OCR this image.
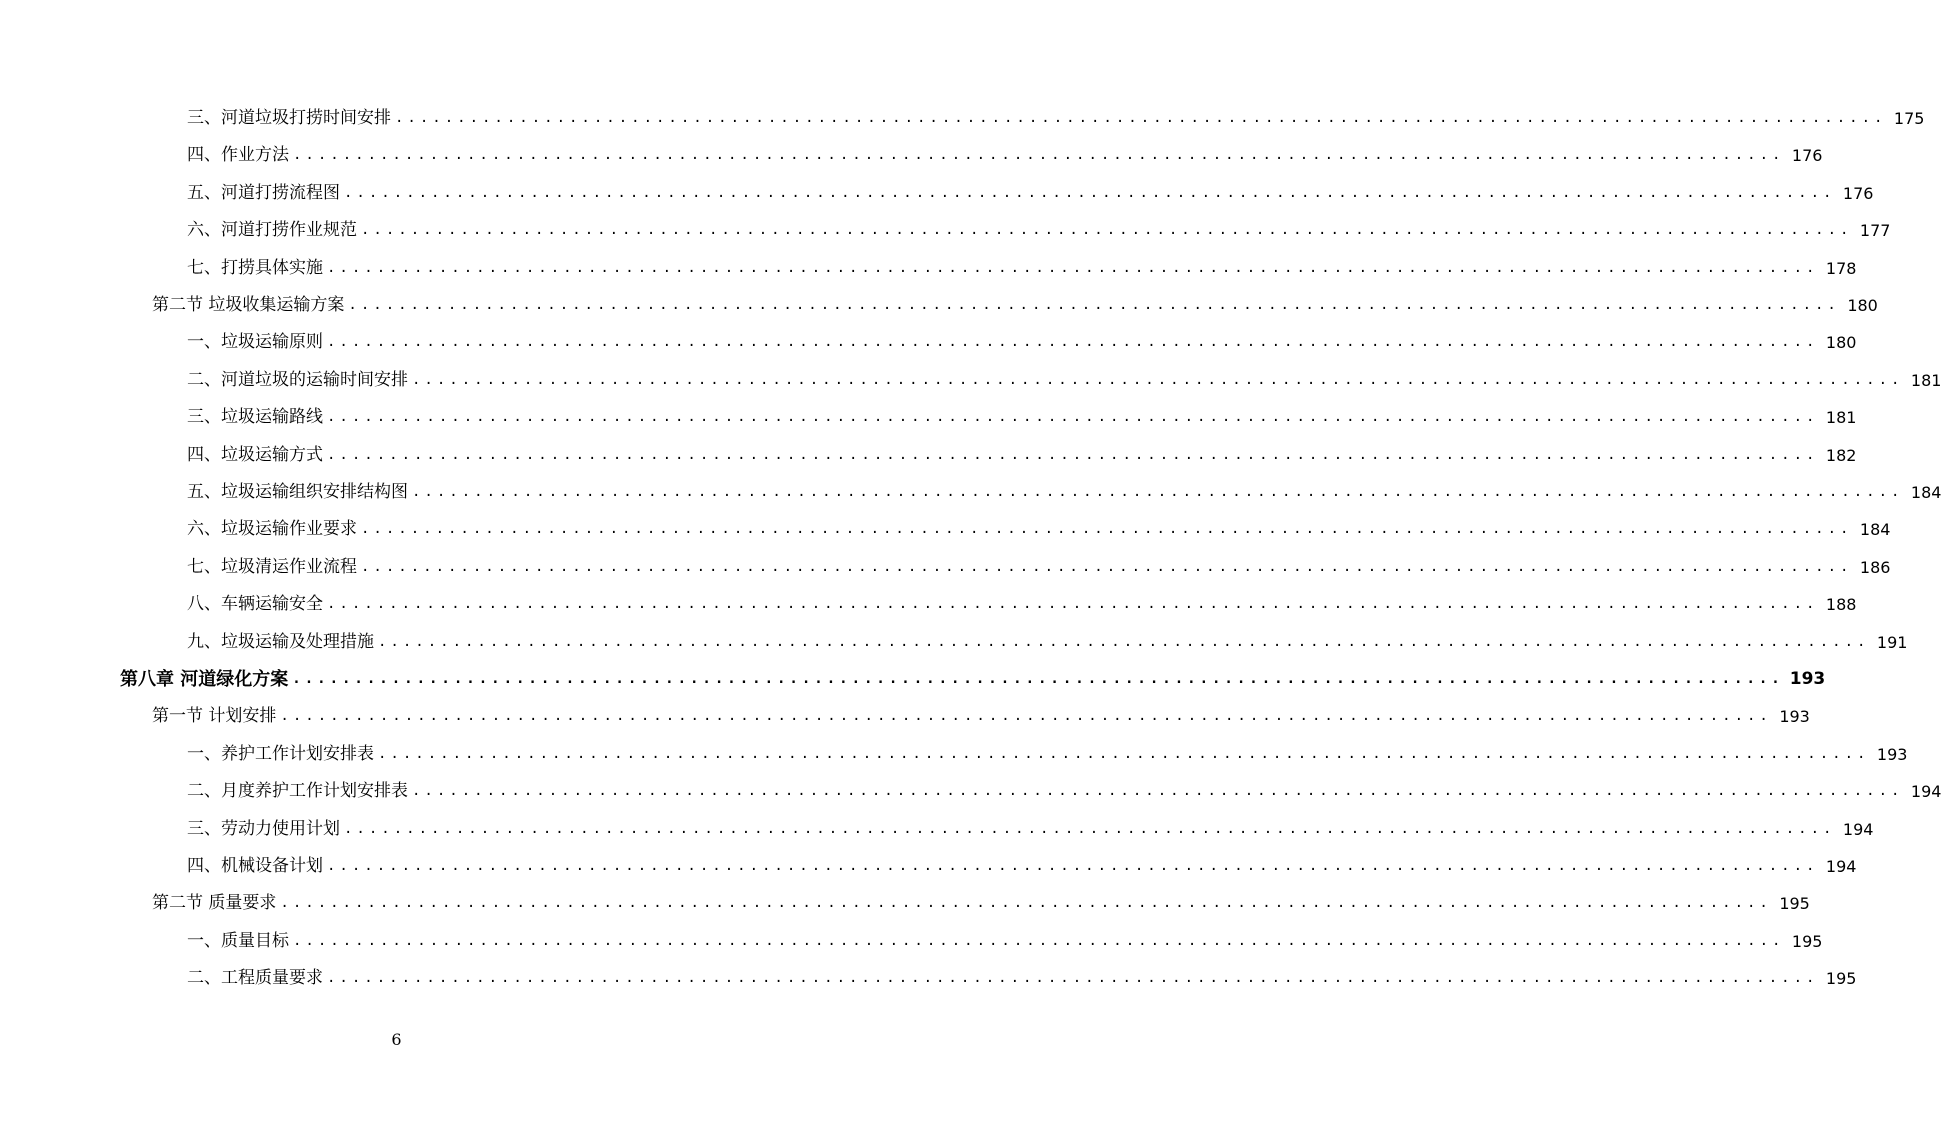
三、河道垃圾打捞时间安排 ........................................................................................................................ 175
四、作业方法 ........................................................................................................................ 176
五、河道打捞流程图 ........................................................................................................................ 176
六、河道打捞作业规范 ........................................................................................................................ 177
七、打捞具体实施 ........................................................................................................................ 178
第二节 垃圾收集运输方案 ........................................................................................................................ 180
一、垃圾运输原则 ........................................................................................................................ 180
二、河道垃圾的运输时间安排 ........................................................................................................................ 181
三、垃圾运输路线 ........................................................................................................................ 181
四、垃圾运输方式 ........................................................................................................................ 182
五、垃圾运输组织安排结构图 ........................................................................................................................ 184
六、垃圾运输作业要求 ........................................................................................................................ 184
七、垃圾清运作业流程 ........................................................................................................................ 186
八、车辆运输安全 ........................................................................................................................ 188
九、垃圾运输及处理措施 ........................................................................................................................ 191
第八章 河道绿化方案 ........................................................................................................................ 193
第一节 计划安排 ........................................................................................................................ 193
一、养护工作计划安排表 ........................................................................................................................ 193
二、月度养护工作计划安排表 ........................................................................................................................ 194
三、劳动力使用计划 ........................................................................................................................ 194
四、机械设备计划 ........................................................................................................................ 194
第二节 质量要求 ........................................................................................................................ 195
一、质量目标 ........................................................................................................................ 195
二、工程质量要求 ........................................................................................................................ 195
6
